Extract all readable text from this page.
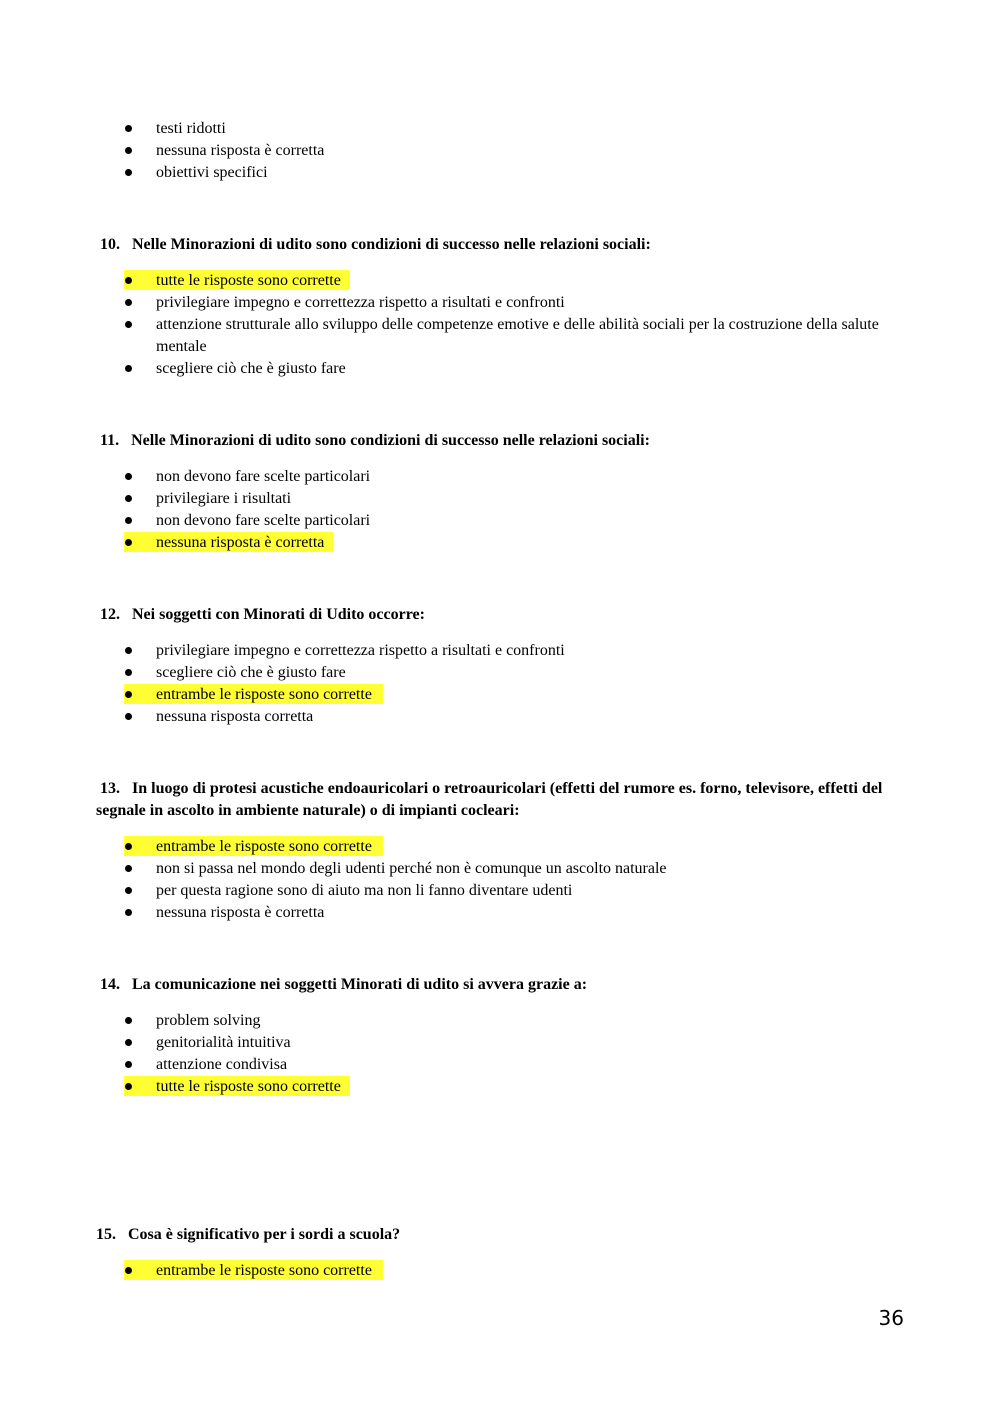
testi ridotti
nessuna risposta è corretta
obiettivi specifici
10. Nelle Minorazioni di udito sono condizioni di successo nelle relazioni sociali:
tutte le risposte sono corrette
privilegiare impegno e correttezza rispetto a risultati e confronti
attenzione strutturale allo sviluppo delle competenze emotive e delle abilità sociali per la costruzione della salute mentale
scegliere ciò che è giusto fare
11. Nelle Minorazioni di udito sono condizioni di successo nelle relazioni sociali:
non devono fare scelte particolari
privilegiare i risultati
non devono fare scelte particolari
nessuna risposta è corretta
12. Nei soggetti con Minorati di Udito occorre:
privilegiare impegno e correttezza rispetto a risultati e confronti
scegliere ciò che è giusto fare
entrambe le risposte sono corrette
nessuna risposta corretta
13. In luogo di protesi acustiche endoauricolari o retroauricolari (effetti del rumore es. forno, televisore, effetti del segnale in ascolto in ambiente naturale) o di impianti cocleari:
entrambe le risposte sono corrette
non si passa nel mondo degli udenti perché non è comunque un ascolto naturale
per questa ragione sono di aiuto ma non li fanno diventare udenti
nessuna risposta è corretta
14. La comunicazione nei soggetti Minorati di udito si avvera grazie a:
problem solving
genitorialità intuitiva
attenzione condivisa
tutte le risposte sono corrette
15. Cosa è significativo per i sordi a scuola?
entrambe le risposte sono corrette
36
